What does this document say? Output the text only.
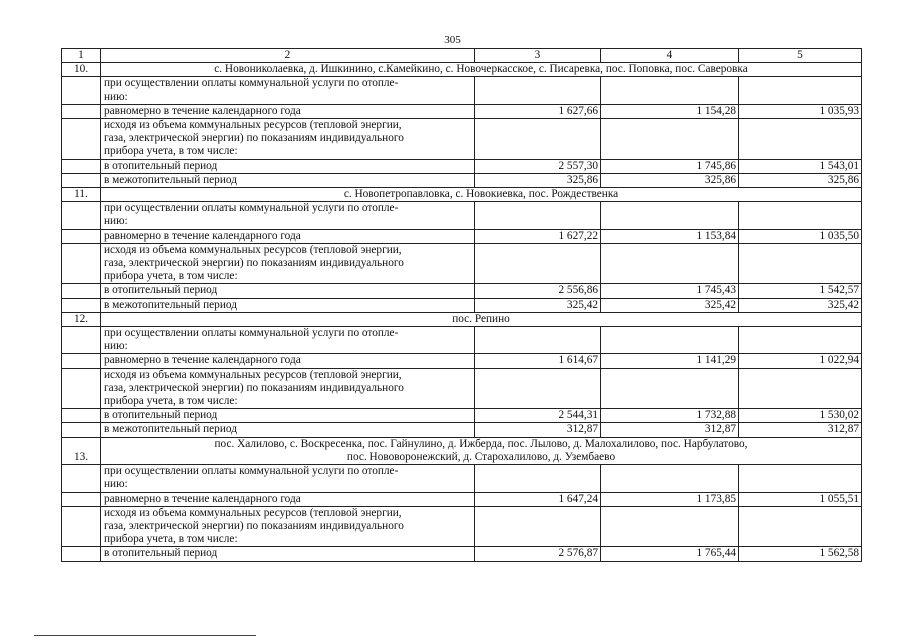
305
1	2	3	4	5
10.	с. Новониколаевка, д. Ишкинино, с.Камейкино, с. Новочеркасское, с. Писаревка, пос. Поповка, пос. Саверовка			

	при осуществлении оплаты коммунальной услуги по отопле-
нию:			

	равномерно в течение календарного года	1 627,66	1 154,28	1 035,93

	исходя из объема коммунальных ресурсов (тепловой энергии,
газа, электрической энергии) по показаниям индивидуального
прибора учета, в том числе:			

	в отопительный период	2 557,30	1 745,86	1 543,01

	в межотопительный период	325,86	325,86	325,86
11.	с. Новопетропавловка, с. Новокиевка, пос. Рождественка			

	при осуществлении оплаты коммунальной услуги по отопле-
нию:			

	равномерно в течение календарного года	1 627,22	1 153,84	1 035,50

	исходя из объема коммунальных ресурсов (тепловой энергии,
газа, электрической энергии) по показаниям индивидуального
прибора учета, в том числе:			

	в отопительный период	2 556,86	1 745,43	1 542,57

	в межотопительный период	325,42	325,42	325,42
12.	пос. Репино			

	при осуществлении оплаты коммунальной услуги по отопле-
нию:			

	равномерно в течение календарного года	1 614,67	1 141,29	1 022,94

	исходя из объема коммунальных ресурсов (тепловой энергии,
газа, электрической энергии) по показаниям индивидуального
прибора учета, в том числе:			

	в отопительный период	2 544,31	1 732,88	1 530,02

	в межотопительный период	312,87	312,87	312,87
13.	пос. Халилово, с. Воскресенка, пос. Гайнулино, д. Ижберда, пос. Лылово, д. Малохалилово, пос. Нарбулатово,
пос. Нововоронежский, д. Старохалилово, д. Узембаево			

	при осуществлении оплаты коммунальной услуги по отопле-
нию:			

	равномерно в течение календарного года	1 647,24	1 173,85	1 055,51

	исходя из объема коммунальных ресурсов (тепловой энергии,
газа, электрической энергии) по показаниям индивидуального
прибора учета, в том числе:			

	в отопительный период	2 576,87	1 765,44	1 562,58
